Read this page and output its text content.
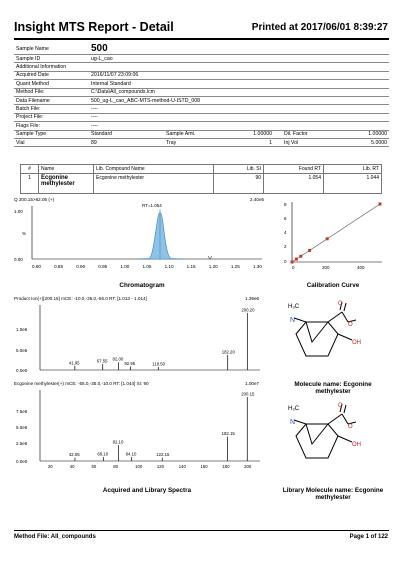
Insight MTS Report - Detail	Printed at 2017/06/01 8:39:27
Sample Name	500				
Sample ID	ug-L_cao				
Additional Information					
Acquired Date	2016/11/07 23:09:06				
Quant Method	Internal Standard				
Method File:	C:\Data\All_compounds.lcm				
Data Filename	500_ug-L_cao_ABC-MTS-method-U-ISTD_008				
Batch File:	----				
Project File:	----				
Flags File:	----				
Sample Type	Standard	Sample Amt.	1.00000	Dil. Factor	1.00000
Vial	89	Tray	1	Inj Vol	5.0000
#	Name	Lib. Compound Name	Lib. SI	Found RT	Lib. RT
1	Ecgonine methylester	Ecgonine methylester	90	1.054	1.044
Q 200.15>82.05 (+)	2.40e5
1.00
%
0.00
RT=1.054
0.80	0.85	0.90	0.95	1.00	1.05	1.10	1.15	1.20	1.25	1.30
Chromatogram
8
6
4
2
0
0	200	400
Calibration Curve
Product Ion(+)[200.15] mCE: -10.0,-35.0,-55.0 RT: [1.013 - 1.014]	1.39e6
1.0e6
5.0e5
0.0e0
41.95	67.55 82.00
92.95	118.50
182.20
200.20
Ecgonine methylester(+) mCE: -55.0,-35.0,-10.0 RT: [1.044] SI: 90	1.00e7
7.5e6
5.0e6
2.5e6
0.0e0
42.05	68.10
82.10
94.10	122.15
182.15
200.15
20	40	60	80	100	120	140	160	180	200
Acquired and Library Spectra
H₃C
N
O
O
OH
Molecule name: Ecgonine methylester
H₃C
N
O
O
OH
Library Molecule name: Ecgonine methylester
Method File: All_compounds	Page 1 of 122
